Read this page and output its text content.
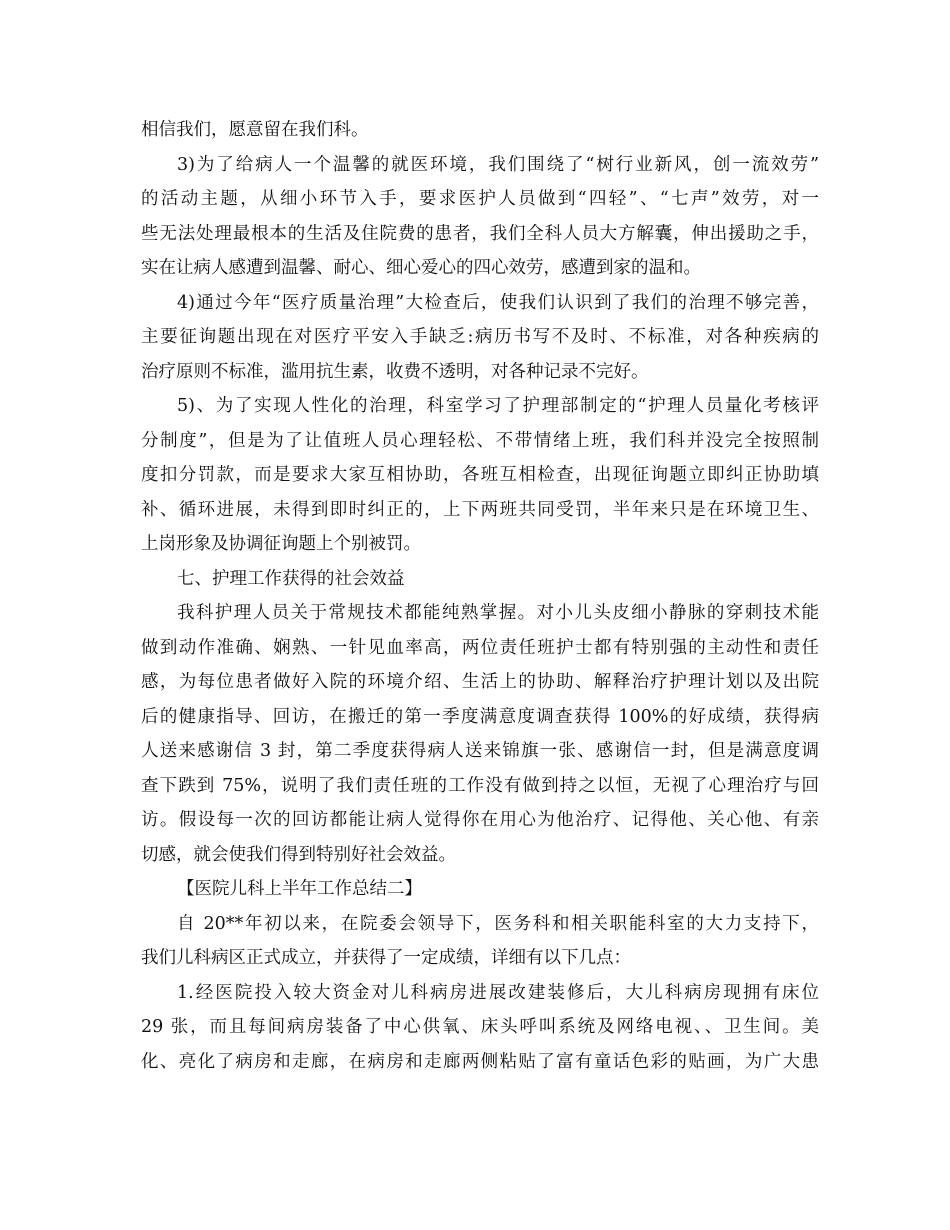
相信我们，愿意留在我们科。
3)为了给病人一个温馨的就医环境，我们围绕了“树行业新风，创一流效劳”
的活动主题，从细小环节入手，要求医护人员做到“四轻”、“七声”效劳，对一
些无法处理最根本的生活及住院费的患者，我们全科人员大方解囊，伸出援助之手，
实在让病人感遭到温馨、耐心、细心爱心的四心效劳，感遭到家的温和。
4)通过今年“医疗质量治理”大检查后，使我们认识到了我们的治理不够完善，
主要征询题出现在对医疗平安入手缺乏:病历书写不及时、不标准，对各种疾病的
治疗原则不标准，滥用抗生素，收费不透明，对各种记录不完好。
5)、为了实现人性化的治理，科室学习了护理部制定的“护理人员量化考核评
分制度”，但是为了让值班人员心理轻松、不带情绪上班，我们科并没完全按照制
度扣分罚款，而是要求大家互相协助，各班互相检查，出现征询题立即纠正协助填
补、循环进展，未得到即时纠正的，上下两班共同受罚，半年来只是在环境卫生、
上岗形象及协调征询题上个别被罚。
七、护理工作获得的社会效益
我科护理人员关于常规技术都能纯熟掌握。对小儿头皮细小静脉的穿刺技术能
做到动作准确、娴熟、一针见血率高，两位责任班护士都有特别强的主动性和责任
感，为每位患者做好入院的环境介绍、生活上的协助、解释治疗护理计划以及出院
后的健康指导、回访，在搬迁的第一季度满意度调查获得 100%的好成绩，获得病
人送来感谢信 3 封，第二季度获得病人送来锦旗一张、感谢信一封，但是满意度调
查下跌到 75%，说明了我们责任班的工作没有做到持之以恒，无视了心理治疗与回
访。假设每一次的回访都能让病人觉得你在用心为他治疗、记得他、关心他、有亲
切感，就会使我们得到特别好社会效益。
【医院儿科上半年工作总结二】
自 20**年初以来，在院委会领导下，医务科和相关职能科室的大力支持下，
我们儿科病区正式成立，并获得了一定成绩，详细有以下几点：
1.经医院投入较大资金对儿科病房进展改建装修后，大儿科病房现拥有床位
29 张，而且每间病房装备了中心供氧、床头呼叫系统及网络电视、、卫生间。美
化、亮化了病房和走廊，在病房和走廊两侧粘贴了富有童话色彩的贴画，为广大患
